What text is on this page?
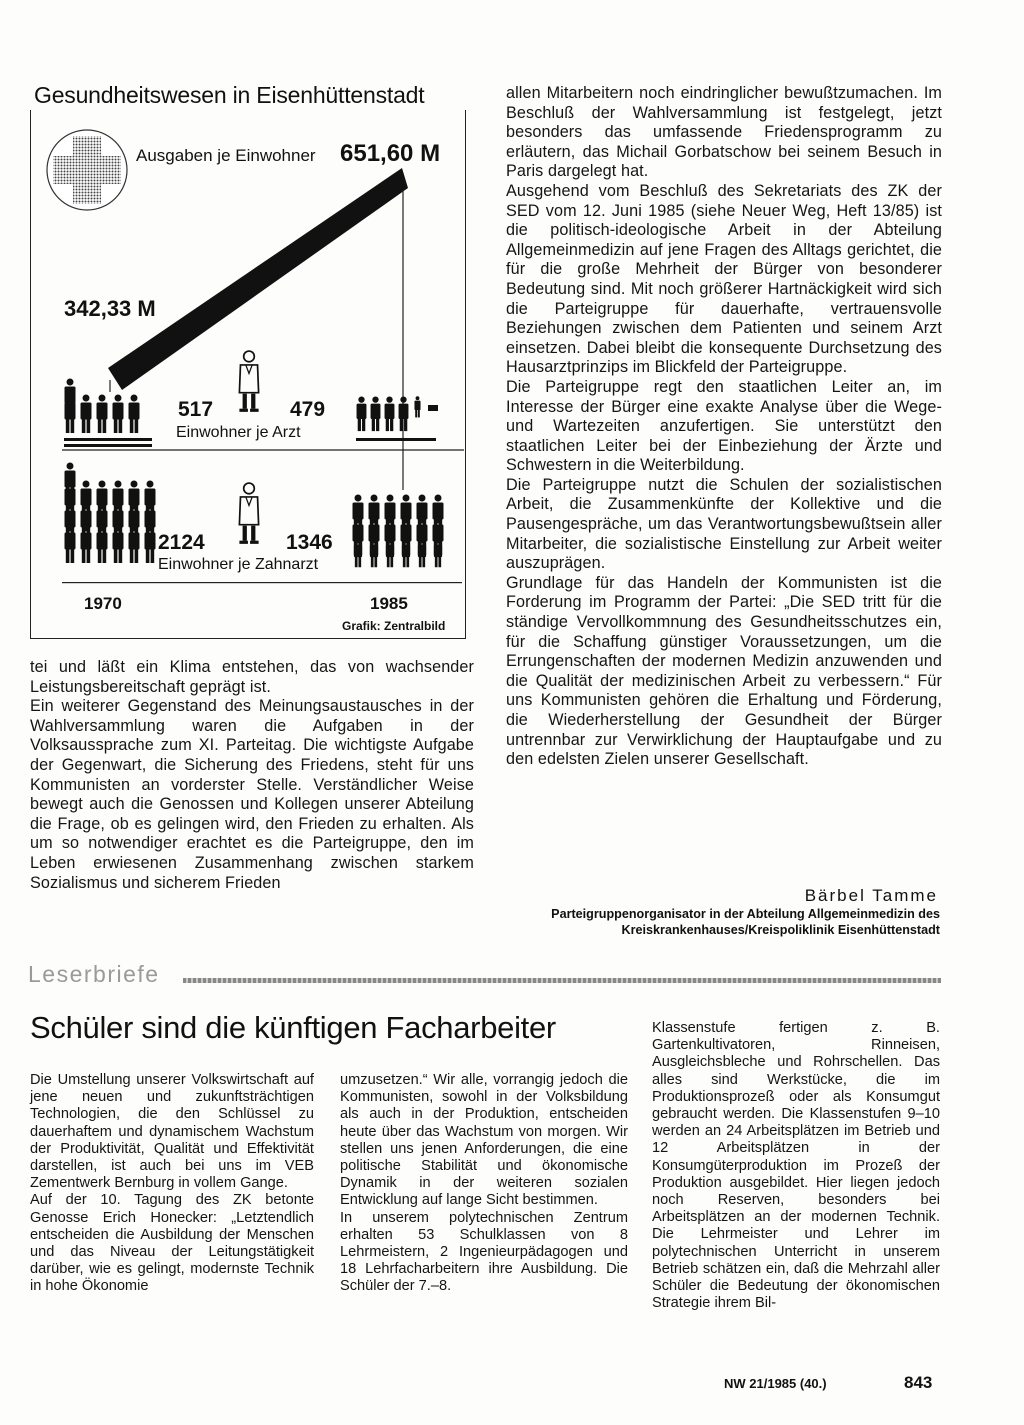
Gesundheitswesen in Eisenhüttenstadt
Ausgaben je Einwohner 651,60 M
342,33 M
517	479
Einwohner je Arzt
2124	1346
Einwohner je Zahnarzt
1970	1985
Grafik: Zentralbild

tei und läßt ein Klima entstehen, das von wachsender Leistungsbereitschaft geprägt ist.

Ein weiterer Gegenstand des Meinungsaustausches in der Wahlversammlung waren die Aufgaben in der Volksaussprache zum XI. Parteitag. Die wichtigste Aufgabe der Gegenwart, die Sicherung des Friedens, steht für uns Kommunisten an vorderster Stelle. Verständlicher Weise bewegt auch die Genossen und Kollegen unserer Abteilung die Frage, ob es gelingen wird, den Frieden zu erhalten. Als um so notwendiger erachtet es die Parteigruppe, den im Leben erwiesenen Zusammenhang zwischen starkem Sozialismus und sicherem Frieden

allen Mitarbeitern noch eindringlicher bewußtzumachen. Im Beschluß der Wahlversammlung ist festgelegt, jetzt besonders das umfassende Friedensprogramm zu erläutern, das Michail Gorbatschow bei seinem Besuch in Paris dargelegt hat.

Ausgehend vom Beschluß des Sekretariats des ZK der SED vom 12. Juni 1985 (siehe Neuer Weg, Heft 13/85) ist die politisch-ideologische Arbeit in der Abteilung Allgemeinmedizin auf jene Fragen des Alltags gerichtet, die für die große Mehrheit der Bürger von besonderer Bedeutung sind. Mit noch größerer Hartnäckigkeit wird sich die Parteigruppe für dauerhafte, vertrauensvolle Beziehungen zwischen dem Patienten und seinem Arzt einsetzen. Dabei bleibt die konsequente Durchsetzung des Hausarztprinzips im Blickfeld der Parteigruppe.

Die Parteigruppe regt den staatlichen Leiter an, im Interesse der Bürger eine exakte Analyse über die Wege- und Wartezeiten anzufertigen. Sie unterstützt den staatlichen Leiter bei der Einbeziehung der Ärzte und Schwestern in die Weiterbildung.

Die Parteigruppe nutzt die Schulen der sozialistischen Arbeit, die Zusammenkünfte der Kollektive und die Pausengespräche, um das Verantwortungsbewußtsein aller Mitarbeiter, die sozialistische Einstellung zur Arbeit weiter auszuprägen.

Grundlage für das Handeln der Kommunisten ist die Forderung im Programm der Partei: „Die SED tritt für die ständige Vervollkommnung des Gesundheitsschutzes ein, für die Schaffung günstiger Voraussetzungen, um die Errungenschaften der modernen Medizin anzuwenden und die Qualität der medizinischen Arbeit zu verbessern.“ Für uns Kommunisten gehören die Erhaltung und Förderung, die Wiederherstellung der Gesundheit der Bürger untrennbar zur Verwirklichung der Hauptaufgabe und zu den edelsten Zielen unserer Gesellschaft.

Bärbel Tamme
Parteigruppenorganisator in der Abteilung Allgemeinmedizin des Kreiskrankenhauses/Kreispoliklinik Eisenhüttenstadt
Leserbriefe
Schüler sind die künftigen Facharbeiter

Die Umstellung unserer Volkswirtschaft auf jene neuen und zukunftsträchtigen Technologien, die den Schlüssel zu dauerhaftem und dynamischem Wachstum der Produktivität, Qualität und Effektivität darstellen, ist auch bei uns im VEB Zementwerk Bernburg in vollem Gange.

Auf der 10. Tagung des ZK betonte Genosse Erich Honecker: „Letztendlich entscheiden die Ausbildung der Menschen und das Niveau der Leitungstätigkeit darüber, wie es gelingt, modernste Technik in hohe Ökonomie

umzusetzen.“ Wir alle, vorrangig jedoch die Kommunisten, sowohl in der Volksbildung als auch in der Produktion, entscheiden heute über das Wachstum von morgen. Wir stellen uns jenen Anforderungen, die eine politische Stabilität und ökonomische Dynamik in der weiteren sozialen Entwicklung auf lange Sicht bestimmen.

In unserem polytechnischen Zentrum erhalten 53 Schulklassen von 8 Lehrmeistern, 2 Ingenieurpädagogen und 18 Lehrfacharbeitern ihre Ausbildung. Die Schüler der 7.–8.

Klassenstufe fertigen z. B. Gartenkultivatoren, Rinneisen, Ausgleichsbleche und Rohrschellen. Das alles sind Werkstücke, die im Produktionsprozeß oder als Konsumgut gebraucht werden. Die Klassenstufen 9–10 werden an 24 Arbeitsplätzen im Betrieb und 12 Arbeitsplätzen in der Konsumgüterproduktion im Prozeß der Produktion ausgebildet. Hier liegen jedoch noch Reserven, besonders bei Arbeitsplätzen an der modernen Technik. Die Lehrmeister und Lehrer im polytechnischen Unterricht in unserem Betrieb schätzen ein, daß die Mehrzahl aller Schüler die Bedeutung der ökonomischen Strategie ihrem Bil-

NW 21/1985 (40.)	843
